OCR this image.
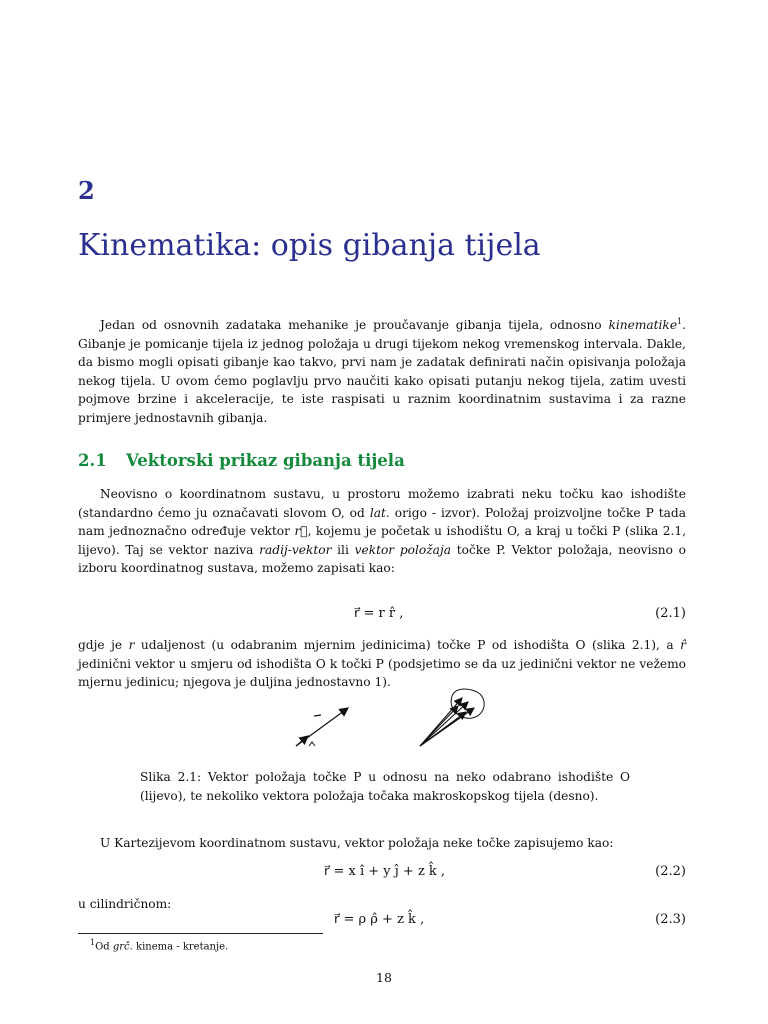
2
Kinematika: opis gibanja tijela

Jedan od osnovnih zadataka mehanike je proučavanje gibanja tijela, odnosno kinematike$^1$. Gibanje je pomicanje tijela iz jednog položaja u drugi tijekom nekog vremenskog intervala. Dakle, da bismo mogli opisati gibanje kao takvo, prvi nam je zadatak definirati način opisivanja položaja nekog tijela. U ovom ćemo poglavlju prvo naučiti kako opisati putanju nekog tijela, zatim uvesti pojmove brzine i akceleracije, te iste raspisati u raznim koordinatnim sustavima i za razne primjere jednostavnih gibanja.

2.1 Vektorski prikaz gibanja tijela

Neovisno o koordinatnom sustavu, u prostoru možemo izabrati neku točku kao ishodište (standardno ćemo ju označavati slovom O, od lat. origo - izvor). Položaj proizvoljne točke P tada nam jednoznačno određuje vektor r⃗, kojemu je početak u ishodištu O, a kraj u točki P (slika 2.1, lijevo). Taj se vektor naziva radij-vektor ili vektor položaja točke P. Vektor položaja, neovisno o izboru koordinatnog sustava, možemo zapisati kao:

r⃗ = r r̂ ,	(2.1)

gdje je r udaljenost (u odabranim mjernim jedinicima) točke P od ishodišta O (slika 2.1), a r̂ jedinični vektor u smjeru od ishodišta O k točki P (podsjetimo se da uz jedinični vektor ne vežemo mjernu jedinicu; njegova je duljina jednostavno 1).

Slika 2.1: Vektor položaja točke P u odnosu na neko odabrano ishodište O (lijevo), te nekoliko vektora položaja točaka makroskopskog tijela (desno).

U Kartezijevom koordinatnom sustavu, vektor položaja neke točke zapisujemo kao:

r⃗ = x î + y ĵ + z k̂ ,	(2.2)

u cilindričnom:

r⃗ = ρ ρ̂ + z k̂ ,	(2.3)
$^1$Od grč. kinema - kretanje.
18
